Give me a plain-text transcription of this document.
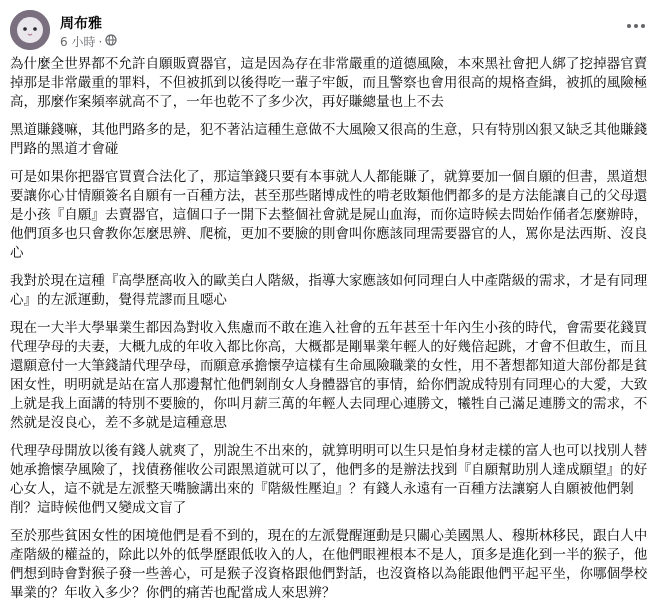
周布雅
6 小時 ·

為什麼全世界都不允許自願販賣器官，這是因為存在非常嚴重的道德風險，本來黑社會把人綁了挖掉器官賣掉那是非常嚴重的罪料，不但被抓到以後得吃一輩子牢飯，而且警察也會用很高的規格查緝，被抓的風險極高，那麼作案頻率就高不了，一年也乾不了多少次，再好賺總量也上不去

黑道賺錢嘛，其他門路多的是，犯不著沾這種生意做不大風險又很高的生意，只有特別凶狠又缺乏其他賺錢門路的黑道才會碰

可是如果你把器官買賣合法化了，那這筆錢只要有本事就人人都能賺了，就算要加一個自願的但書，黑道想要讓你心甘情願簽名自願有一百種方法，甚至那些賭博成性的啃老敗類他們都多的是方法能讓自己的父母還是小孩『自願』去賣器官，這個口子一開下去整個社會就是屍山血海，而你這時候去問始作俑者怎麼辦時，他們頂多也只會教你怎麼思辨、爬梳，更加不要臉的則會叫你應該同理需要器官的人，罵你是法西斯、沒良心

我對於現在這種『高學歷高收入的歐美白人階級，指導大家應該如何同理白人中產階級的需求，才是有同理心』的左派運動，覺得荒謬而且噁心

現在一大半大學畢業生都因為對收入焦慮而不敢在進入社會的五年甚至十年內生小孩的時代，會需要花錢買代理孕母的夫妻，大概九成的年收入都比你高，大概都是剛畢業年輕人的好幾倍起跳，才會不但敢生，而且還願意付一大筆錢請代理孕母，而願意承擔懷孕這樣有生命風險職業的女性，用不著想都知道大部份都是貧困女性，明明就是站在富人那邊幫忙他們剝削女人身體器官的事情，給你們說成特別有同理心的大愛，大致上就是我上面講的特別不要臉的，你叫月薪三萬的年輕人去同理心連勝文，犧牲自己滿足連勝文的需求，不然就是沒良心，差不多就是這種意思

代理孕母開放以後有錢人就爽了，別說生不出來的，就算明明可以生只是怕身材走樣的富人也可以找別人替她承擔懷孕風險了，找債務催收公司跟黑道就可以了，他們多的是辦法找到『自願幫助別人達成願望』的好心女人，這不就是左派整天嘴臉講出來的『階級性壓迫』？有錢人永遠有一百種方法讓窮人自願被他們剝削？這時候他們又變成文盲了

至於那些貧困女性的困境他們是看不到的，現在的左派覺醒運動是只關心美國黑人、穆斯林移民，跟白人中產階級的權益的，除此以外的低學歷跟低收入的人，在他們眼裡根本不是人，頂多是進化到一半的猴子，他們想到時會對猴子發一些善心，可是猴子沒資格跟他們對話，也沒資格以為能跟他們平起平坐，你哪個學校畢業的？年收入多少？你們的痛苦也配當成人來思辨？
